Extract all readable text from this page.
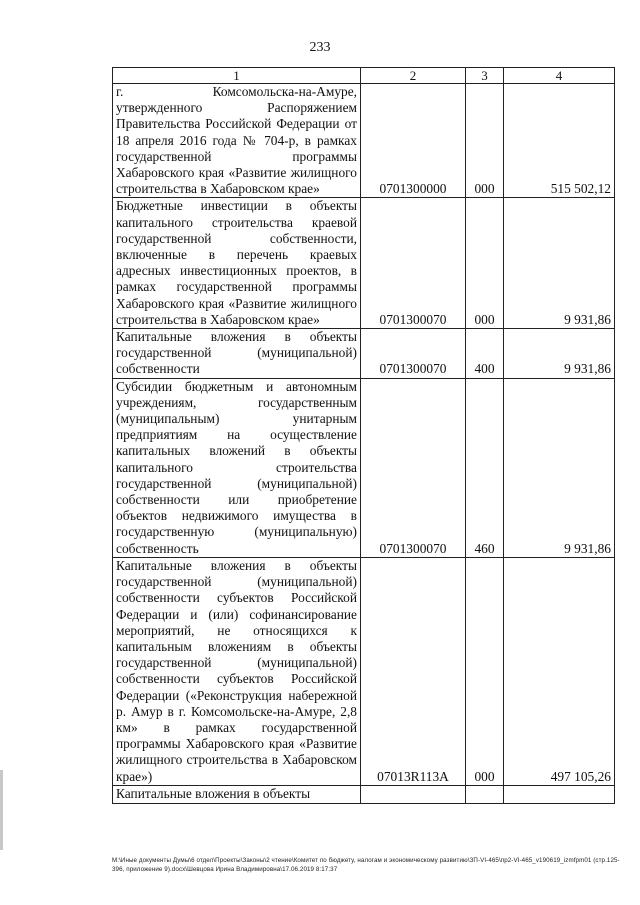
233
1	2	3	4
г. Комсомольска-на-Амуре, утвержденного Распоряжением Правительства Российской Федерации от 18 апреля 2016 года № 704-р, в рамках государственной программы Хабаровского края «Развитие жилищного строительства в Хабаровском крае»	0701300000	000	515 502,12
Бюджетные инвестиции в объекты капитального строительства краевой государственной собственности, включенные в перечень краевых адресных инвестиционных проектов, в рамках государственной программы Хабаровского края «Развитие жилищного строительства в Хабаровском крае»	0701300070	000	9 931,86
Капитальные вложения в объекты государственной (муниципальной) собственности	0701300070	400	9 931,86
Субсидии бюджетным и автономным учреждениям, государственным (муниципальным) унитарным предприятиям на осуществление капитальных вложений в объекты капитального строительства государственной (муниципальной) собственности или приобретение объектов недвижимого имущества в государственную (муниципальную) собственность	0701300070	460	9 931,86
Капитальные вложения в объекты государственной (муниципальной) собственности субъектов Российской Федерации и (или) софинансирование мероприятий, не относящихся к капитальным вложениям в объекты государственной (муниципальной) собственности субъектов Российской Федерации («Реконструкция набережной р. Амур в г. Комсомольске-на-Амуре, 2,8 км» в рамках государственной программы Хабаровского края «Развитие жилищного строительства в Хабаровском крае»)	07013R113A	000	497 105,26
Капитальные вложения в объекты			
M:\Иные документы Думы\6 отдел\Проекты\Законы\2 чтение\Комитет по бюджету, налогам и экономическому развитию\ЗП-VI-465\пр2-VI-465_v190619_izmfpm01 (стр.125-396, приложение 9).docx\Шевцова Ирина Владимировна\17.06.2019 8:17:37
